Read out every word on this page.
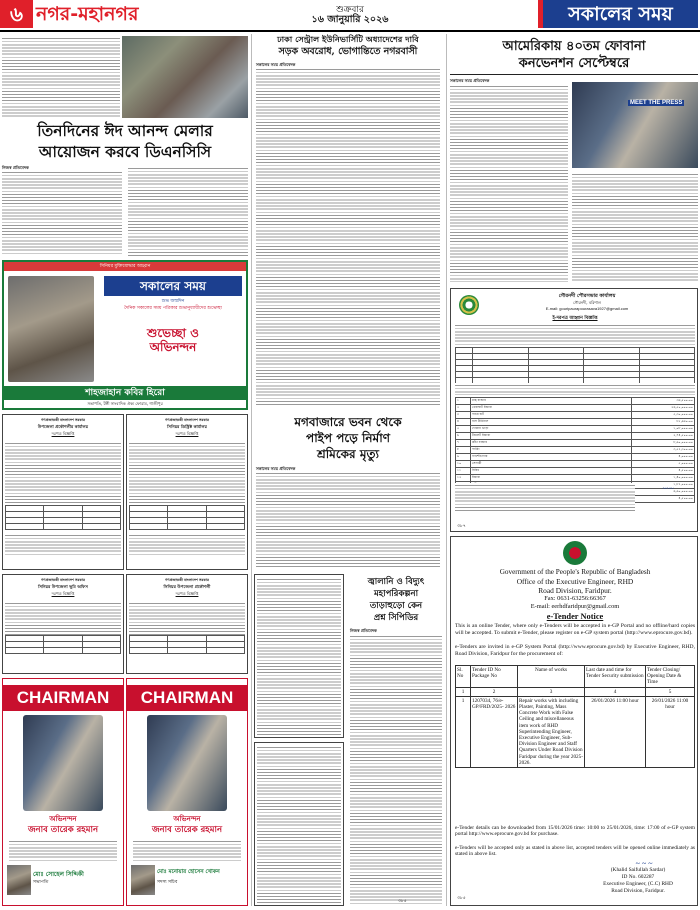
৬ নগর-মহানগর	শুক্রবার
১৬ জানুয়ারি ২০২৬	সকালের সময়
তিনদিনের ঈদ আনন্দ মেলার
আয়োজন করবে ডিএনসিসি
নিজস্ব প্রতিবেদক
সিনিয়র মুক্তিযোদ্ধার আহ্বান
সকালের সময়
শুভ জন্মদিন
দৈনিক সকালের সময় পত্রিকার শুভানুধ্যায়ীদের শুভেচ্ছা
শুভেচ্ছা ও
অভিনন্দন
শাহজাহান কবির হিরো
সভাপতি, টঙ্গী সাংবাদিক ঐক্য ফোরাম, গাজীপুর
গণপ্রজাতন্ত্রী বাংলাদেশ সরকার
উপজেলা প্রকৌশলীর কার্যালয়
দরপত্র বিজ্ঞপ্তি

গণপ্রজাতন্ত্রী বাংলাদেশ সরকার
সিনিয়র ডিস্ট্রিক্ট কার্যালয়
দরপত্র বিজ্ঞপ্তি

গণপ্রজাতন্ত্রী বাংলাদেশ সরকার
সিনিয়র উপজেলা ভূমি অফিস
দরপত্র বিজ্ঞপ্তি

গণপ্রজাতন্ত্রী বাংলাদেশ সরকার
সিনিয়র উপজেলা প্রকৌশলী
দরপত্র বিজ্ঞপ্তি

CHAIRMAN
অভিনন্দন
জনাব তারেক রহমান
মোঃ সোহেল সিদ্দিকী
সভাপতি
CHAIRMAN
অভিনন্দন
জনাব তারেক রহমান
মোঃ মনোয়ার হোসেন খোকন
সদস্য সচিব
ঢাকা সেন্ট্রাল ইউনিভার্সিটি অধ্যাদেশের দাবি
সড়ক অবরোধ, ভোগান্তিতে নগরবাসী
সকালের সময় প্রতিবেদক
মগবাজারে ভবন থেকে
পাইপ পড়ে নির্মাণ
শ্রমিকের মৃত্যু
সকালের সময় প্রতিবেদক
জ্বালানি ও বিদ্যুৎ
মহাপরিকল্পনা
তাড়াহুড়ো কেন
প্রশ্ন সিপিডির
নিজস্ব প্রতিবেদক
আমেরিকায় ৪০তম ফোবানা
কনভেনশন সেপ্টেম্বরে
সকালের সময় প্রতিবেদক
MEET THE PRESS
গৌরনদী পৌরসভার কার্যালয়
গৌরনদী, বরিশাল
E-mail: gouripaurapourasava1927@gmail.com
ই-দরপত্র আহ্বান বিজ্ঞপ্তি

১	মাছ বাজার	৩৬,৫০০.০০
২	খেয়াঘাট ইজারা	২৬,৫০,০০০.০০
৩	পশুর হাট	৫,৩০,০০০.০০
৪	বাস টার্মিনাল	৮৫,৯৬০.০০
৫	দোকান ভাড়া	১,০৮,০০০.০০
৬	টয়লেট ইজারা	২,৭৪,৫০০.০০
৭	কাঁচা বাজার	৮,৯০,০০০.০০
৮	পার্কিং	৩,৫২,৩০০.০০
৯	গণশৌচাগার	৪,০০০.০০
১০	সেলামী	৫,০০০.০০
১১	বিবিধ	৪,৫০০.০০
১২	ইজারা	১,৪০,০০০.০০
		১,৮২,০০০.০০
		৬,৯০,০০০.০০
		৪,৫০০.০০
~~~
৩৮৭
Government of the People's Republic of Bangladesh
Office of the Executive Engineer, RHD
Road Division, Faridpur.
Fax: 0631-63256:66367
E-mail: eerhdfaridpur@gmail.com
e-Tender Notice
This is an online Tender, where only e-Tenders will be accepted in e-GP Portal and no offline/hard copies will be accepted. To submit e-Tender, please register on e-GP system portal (http://www.eprocure.gov.bd).
e-Tenders are invited in e-GP System Portal (http://www.eprocure.gov.bd) by Executive Engineer, RHD, Road Division, Faridpur for the procurement of:
Sl. No	Tender ID No Package No	Name of works	Last date and time for Tender Security submission	Tender Closing/ Opening Date & Time
1	2	3	4	5
1	1207034, 76/e-GP/FRD/2025- 2026	Repair works with including Plaster, Painting, Mass Concrete Work with False Ceiling and miscellaneous item work of RHD Superintending Engineer, Executive Engineer, Sub-Division Engineer and Staff Quarters Under Road Division Faridpur during the year 2025-2026.	26/01/2026 11:00 hour	26/01/2026 11:00 hour
e-Tender details can be downloaded from 15/01/2026 time: 10:00 to 25/01/2026, time: 17:00 of e-GP system portal http://www.eprocure.gov.bd for purchase.
e-Tenders will be accepted only as stated in above list, accepted tenders will be opened online immediately as stated in above list.
~ ~ ~
(Khalid Saifullah Sardar)
ID No. 602287
Executive Engineer, (C.C) RHD
Road Division, Faridpur.
৩৮৫
৩৮৫
